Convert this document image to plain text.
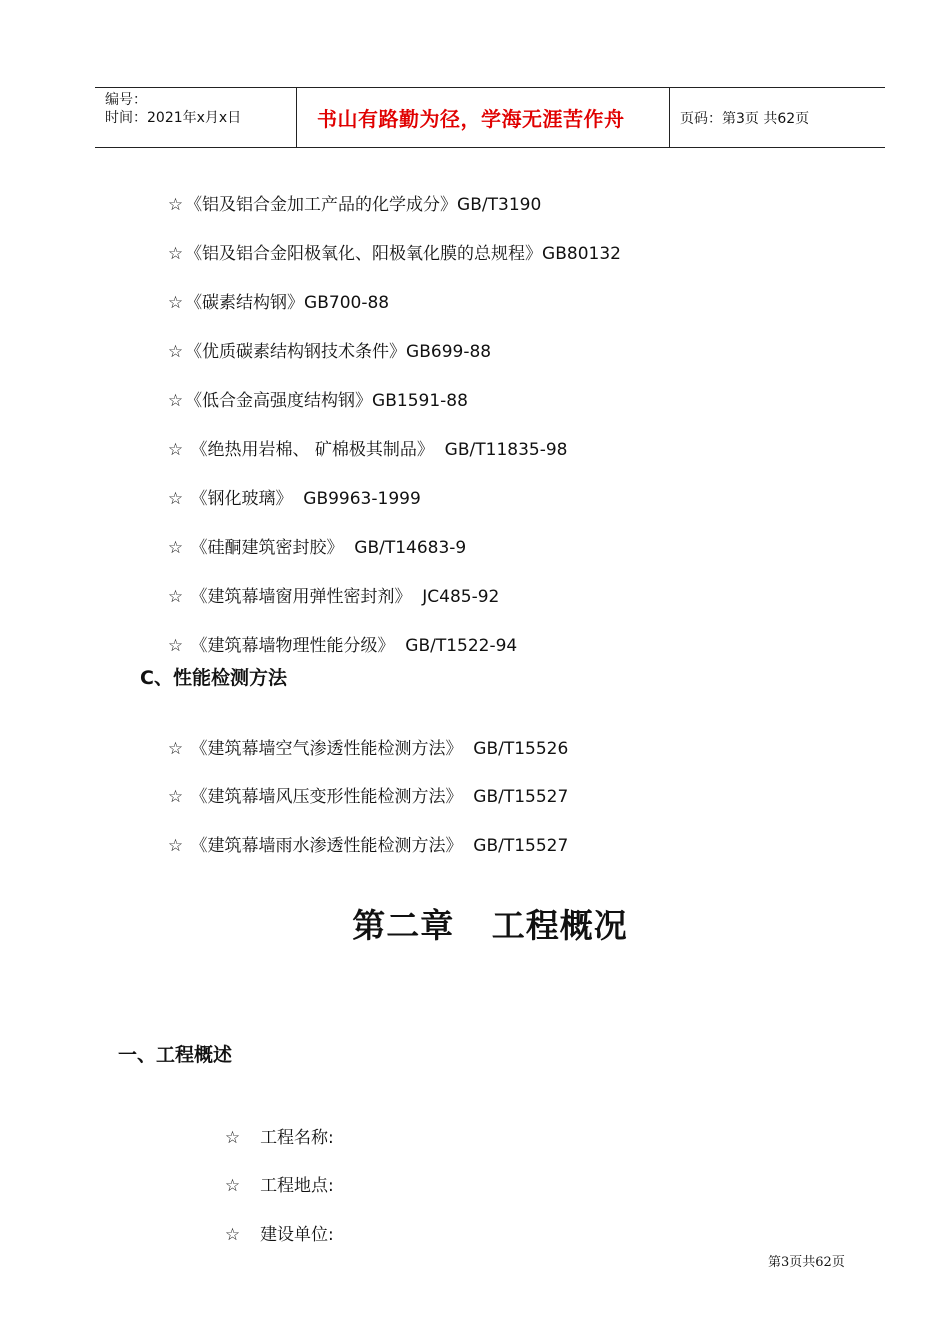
编号：
时间：2021年x月x日	书山有路勤为径，学海无涯苦作舟	页码：第3页 共62页

☆ 《铝及铝合金加工产品的化学成分》GB/T3190

☆ 《铝及铝合金阳极氧化、阳极氧化膜的总规程》GB80132

☆ 《碳素结构钢》GB700-88

☆ 《优质碳素结构钢技术条件》GB699-88

☆ 《低合金高强度结构钢》GB1591-88

☆ 《绝热用岩棉、 矿棉极其制品》  GB/T11835-98

☆ 《钢化玻璃》  GB9963-1999

☆ 《硅酮建筑密封胶》  GB/T14683-9

☆ 《建筑幕墙窗用弹性密封剂》  JC485-92

☆ 《建筑幕墙物理性能分级》  GB/T1522-94

C、性能检测方法

☆ 《建筑幕墙空气渗透性能检测方法》  GB/T15526

☆ 《建筑幕墙风压变形性能检测方法》  GB/T15527

☆ 《建筑幕墙雨水渗透性能检测方法》  GB/T15527

第二章   工程概况
一、工程概述

☆ 工程名称:

☆ 工程地点:

☆ 建设单位:

第3页共62页
